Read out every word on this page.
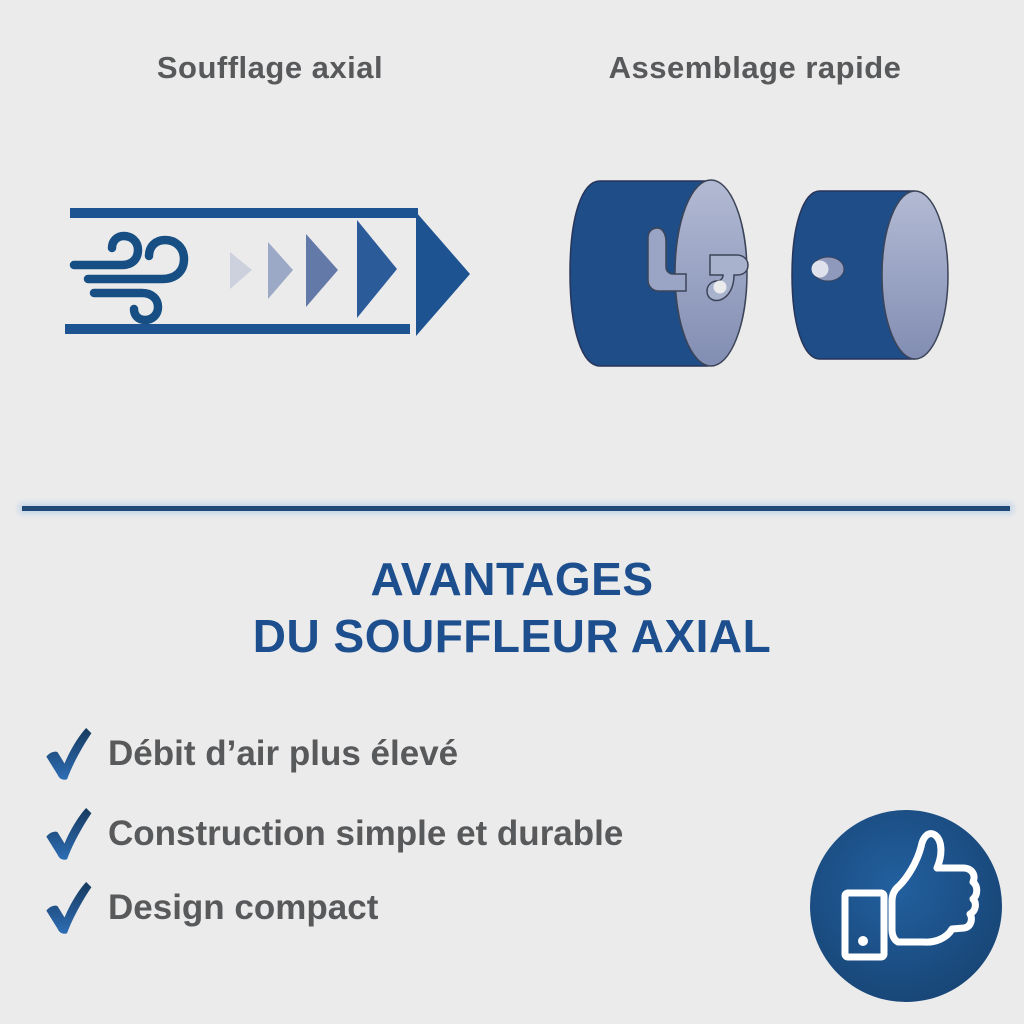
Soufflage axial	Assemblage rapide
AVANTAGES
DU SOUFFLEUR AXIAL
Débit d’air plus élevé
Construction simple et durable
Design compact
